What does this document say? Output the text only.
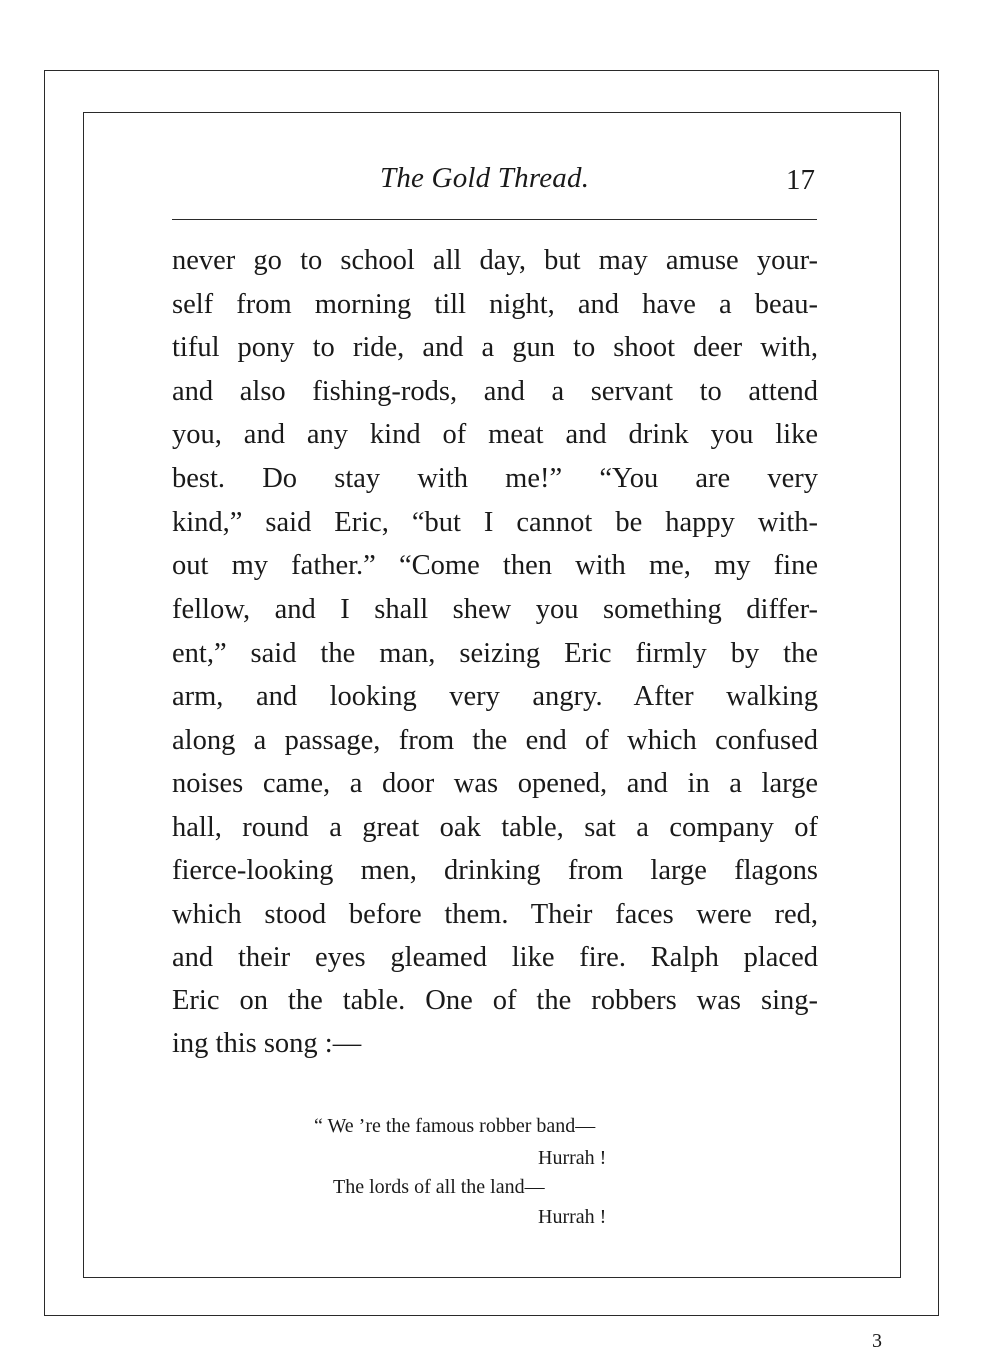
The Gold Thread.	17
never go to school all day, but may amuse your-
self from morning till night, and have a beau-
tiful pony to ride, and a gun to shoot deer with,
and also fishing-rods, and a servant to attend
you, and any kind of meat and drink you like
best. Do stay with me!” “You are very
kind,” said Eric, “but I cannot be happy with-
out my father.” “Come then with me, my fine
fellow, and I shall shew you something differ-
ent,” said the man, seizing Eric firmly by the
arm, and looking very angry. After walking
along a passage, from the end of which confused
noises came, a door was opened, and in a large
hall, round a great oak table, sat a company of
fierce-looking men, drinking from large flagons
which stood before them. Their faces were red,
and their eyes gleamed like fire. Ralph placed
Eric on the table. One of the robbers was sing-
ing this song :—
“ We ’re the famous robber band—
Hurrah !
The lords of all the land—
Hurrah !
3
